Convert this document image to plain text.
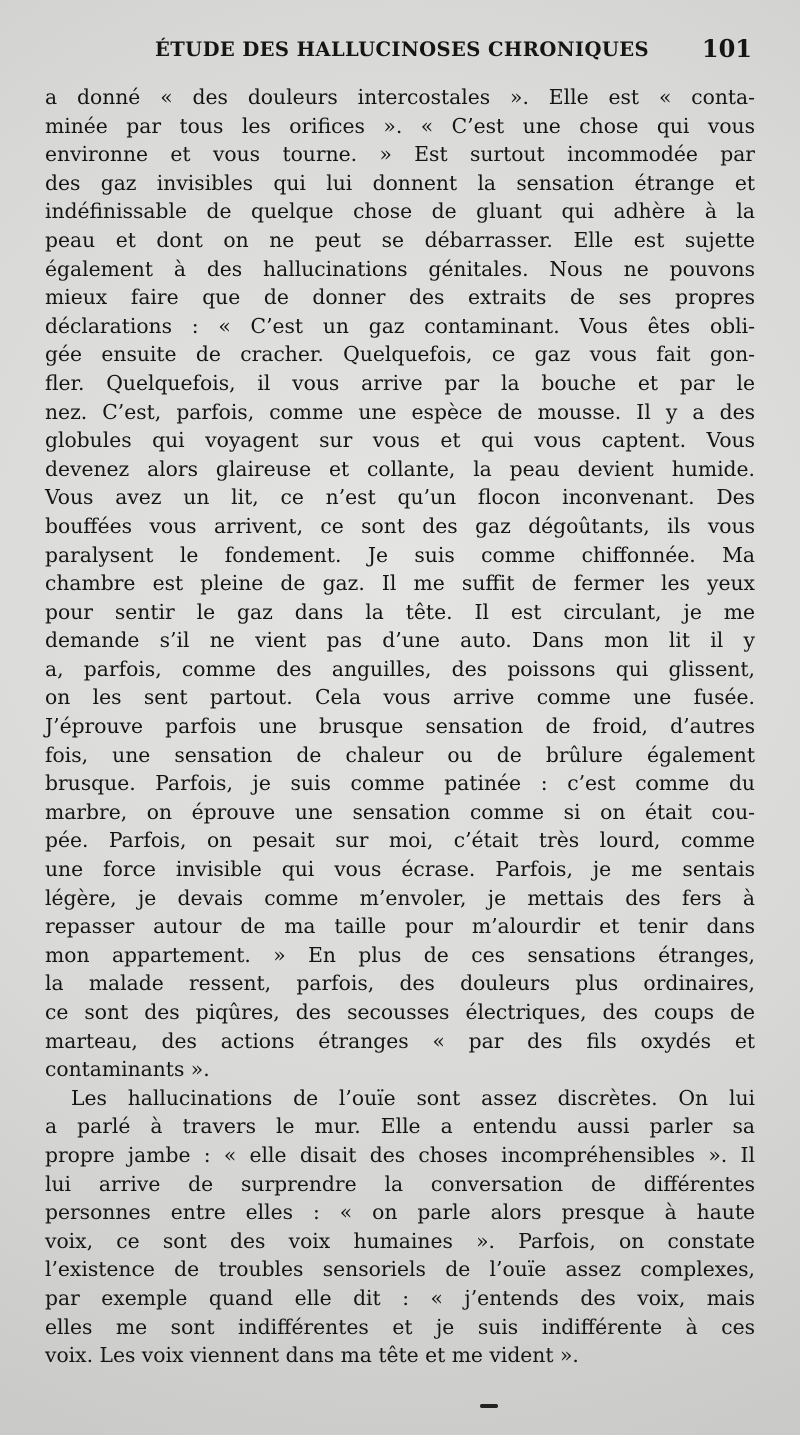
ÉTUDE DES HALLUCINOSES CHRONIQUES 101
a donné « des douleurs intercostales ». Elle est « conta-
minée par tous les orifices ». « C’est une chose qui vous
environne et vous tourne. » Est surtout incommodée par
des gaz invisibles qui lui donnent la sensation étrange et
indéfinissable de quelque chose de gluant qui adhère à la
peau et dont on ne peut se débarrasser. Elle est sujette
également à des hallucinations génitales. Nous ne pouvons
mieux faire que de donner des extraits de ses propres
déclarations : « C’est un gaz contaminant. Vous êtes obli-
gée ensuite de cracher. Quelquefois, ce gaz vous fait gon-
fler. Quelquefois, il vous arrive par la bouche et par le
nez. C’est, parfois, comme une espèce de mousse. Il y a des
globules qui voyagent sur vous et qui vous captent. Vous
devenez alors glaireuse et collante, la peau devient humide.
Vous avez un lit, ce n’est qu’un flocon inconvenant. Des
bouffées vous arrivent, ce sont des gaz dégoûtants, ils vous
paralysent le fondement. Je suis comme chiffonnée. Ma
chambre est pleine de gaz. Il me suffit de fermer les yeux
pour sentir le gaz dans la tête. Il est circulant, je me
demande s’il ne vient pas d’une auto. Dans mon lit il y
a, parfois, comme des anguilles, des poissons qui glissent,
on les sent partout. Cela vous arrive comme une fusée.
J’éprouve parfois une brusque sensation de froid, d’autres
fois, une sensation de chaleur ou de brûlure également
brusque. Parfois, je suis comme patinée : c’est comme du
marbre, on éprouve une sensation comme si on était cou-
pée. Parfois, on pesait sur moi, c’était très lourd, comme
une force invisible qui vous écrase. Parfois, je me sentais
légère, je devais comme m’envoler, je mettais des fers à
repasser autour de ma taille pour m’alourdir et tenir dans
mon appartement. » En plus de ces sensations étranges,
la malade ressent, parfois, des douleurs plus ordinaires,
ce sont des piqûres, des secousses électriques, des coups de
marteau, des actions étranges « par des fils oxydés et
contaminants ».
Les hallucinations de l’ouïe sont assez discrètes. On lui
a parlé à travers le mur. Elle a entendu aussi parler sa
propre jambe : « elle disait des choses incompréhensibles ». Il
lui arrive de surprendre la conversation de différentes
personnes entre elles : « on parle alors presque à haute
voix, ce sont des voix humaines ». Parfois, on constate
l’existence de troubles sensoriels de l’ouïe assez complexes,
par exemple quand elle dit : « j’entends des voix, mais
elles me sont indifférentes et je suis indifférente à ces
voix. Les voix viennent dans ma tête et me vident ».
